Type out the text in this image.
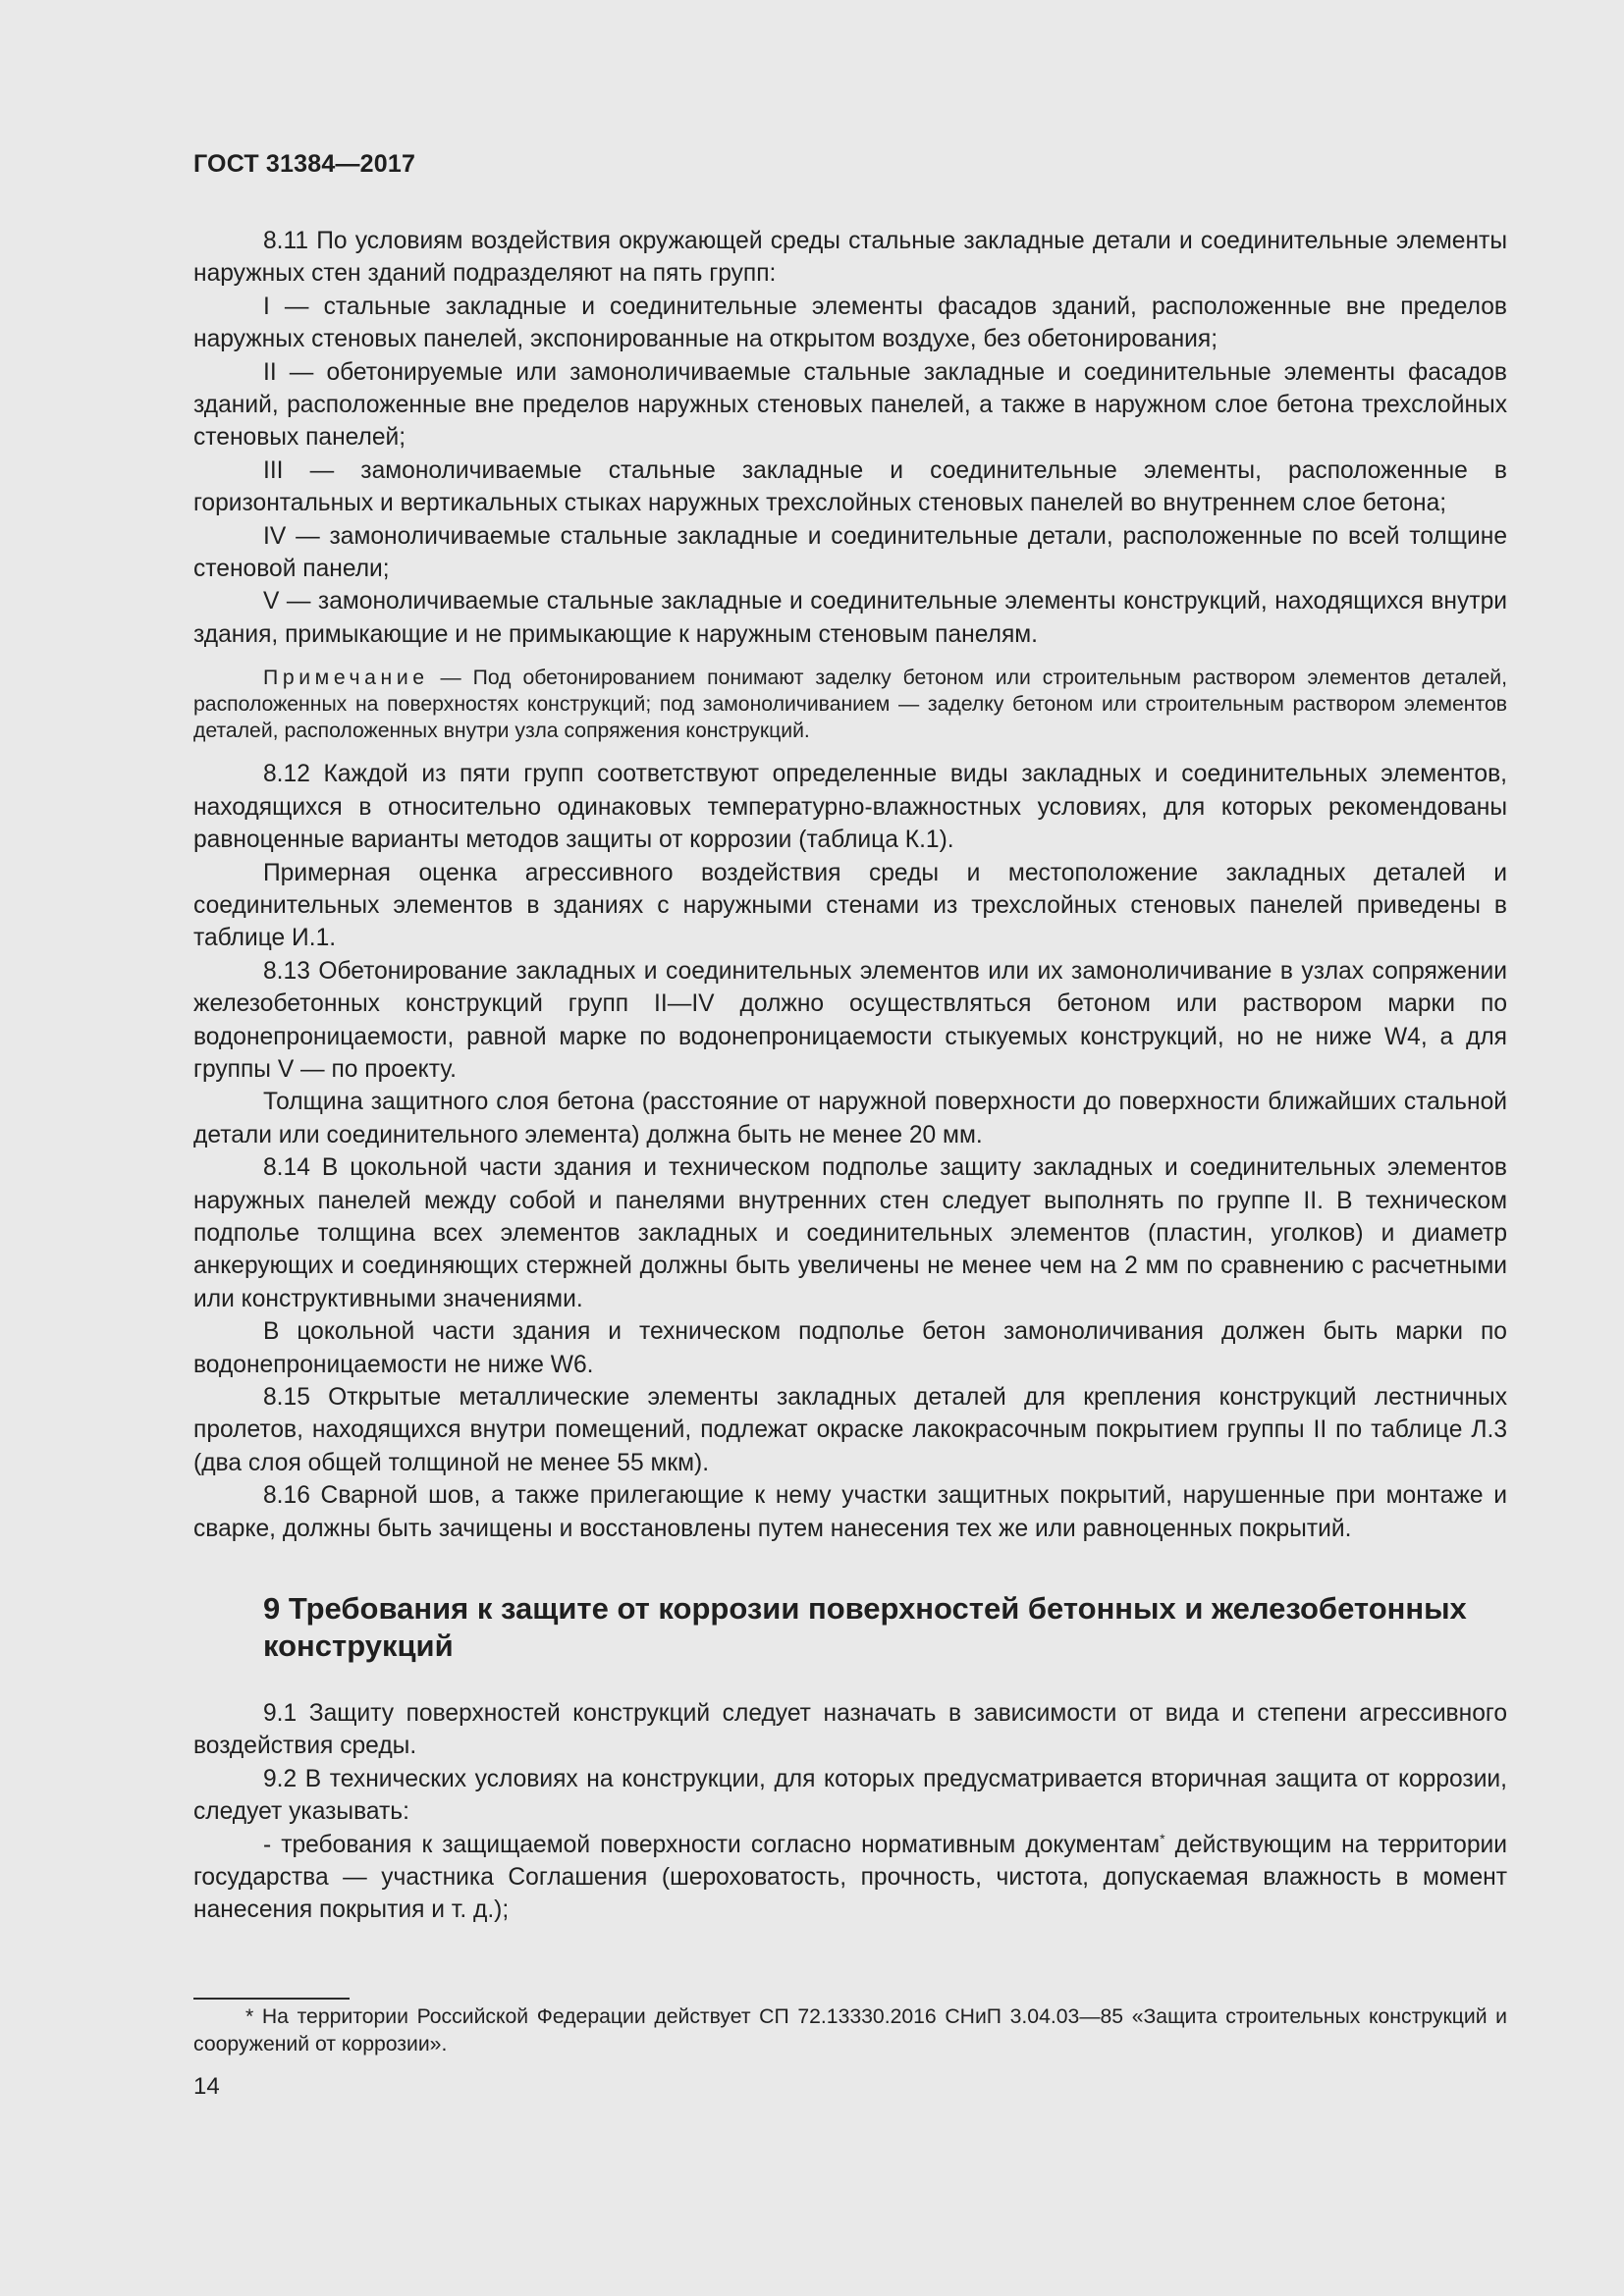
ГОСТ 31384—2017

8.11 По условиям воздействия окружающей среды стальные закладные детали и соединительные элементы наружных стен зданий подразделяют на пять групп:

I — стальные закладные и соединительные элементы фасадов зданий, расположенные вне пределов наружных стеновых панелей, экспонированные на открытом воздухе, без обетонирования;

II — обетонируемые или замоноличиваемые стальные закладные и соединительные элементы фасадов зданий, расположенные вне пределов наружных стеновых панелей, а также в наружном слое бетона трехслойных стеновых панелей;

III — замоноличиваемые стальные закладные и соединительные элементы, расположенные в горизонтальных и вертикальных стыках наружных трехслойных стеновых панелей во внутреннем слое бетона;

IV — замоноличиваемые стальные закладные и соединительные детали, расположенные по всей толщине стеновой панели;

V — замоноличиваемые стальные закладные и соединительные элементы конструкций, находящихся внутри здания, примыкающие и не примыкающие к наружным стеновым панелям.

Примечание — Под обетонированием понимают заделку бетоном или строительным раствором элементов деталей, расположенных на поверхностях конструкций; под замоноличиванием — заделку бетоном или строительным раствором элементов деталей, расположенных внутри узла сопряжения конструкций.

8.12 Каждой из пяти групп соответствуют определенные виды закладных и соединительных элементов, находящихся в относительно одинаковых температурно-влажностных условиях, для которых рекомендованы равноценные варианты методов защиты от коррозии (таблица К.1).

Примерная оценка агрессивного воздействия среды и местоположение закладных деталей и соединительных элементов в зданиях с наружными стенами из трехслойных стеновых панелей приведены в таблице И.1.

8.13 Обетонирование закладных и соединительных элементов или их замоноличивание в узлах сопряжении железобетонных конструкций групп II—IV должно осуществляться бетоном или раствором марки по водонепроницаемости, равной марке по водонепроницаемости стыкуемых конструкций, но не ниже W4, а для группы V — по проекту.

Толщина защитного слоя бетона (расстояние от наружной поверхности до поверхности ближайших стальной детали или соединительного элемента) должна быть не менее 20 мм.

8.14 В цокольной части здания и техническом подполье защиту закладных и соединительных элементов наружных панелей между собой и панелями внутренних стен следует выполнять по группе II. В техническом подполье толщина всех элементов закладных и соединительных элементов (пластин, уголков) и диаметр анкерующих и соединяющих стержней должны быть увеличены не менее чем на 2 мм по сравнению с расчетными или конструктивными значениями.

В цокольной части здания и техническом подполье бетон замоноличивания должен быть марки по водонепроницаемости не ниже W6.

8.15 Открытые металлические элементы закладных деталей для крепления конструкций лестничных пролетов, находящихся внутри помещений, подлежат окраске лакокрасочным покрытием группы II по таблице Л.3 (два слоя общей толщиной не менее 55 мкм).

8.16 Сварной шов, а также прилегающие к нему участки защитных покрытий, нарушенные при монтаже и сварке, должны быть зачищены и восстановлены путем нанесения тех же или равноценных покрытий.

9 Требования к защите от коррозии поверхностей бетонных и железобетонных конструкций

9.1 Защиту поверхностей конструкций следует назначать в зависимости от вида и степени агрессивного воздействия среды.

9.2 В технических условиях на конструкции, для которых предусматривается вторичная защита от коррозии, следует указывать:

- требования к защищаемой поверхности согласно нормативным документам* действующим на территории государства — участника Соглашения (шероховатость, прочность, чистота, допускаемая влажность в момент нанесения покрытия и т. д.);

* На территории Российской Федерации действует СП 72.13330.2016 СНиП 3.04.03—85 «Защита строительных конструкций и сооружений от коррозии».

14
